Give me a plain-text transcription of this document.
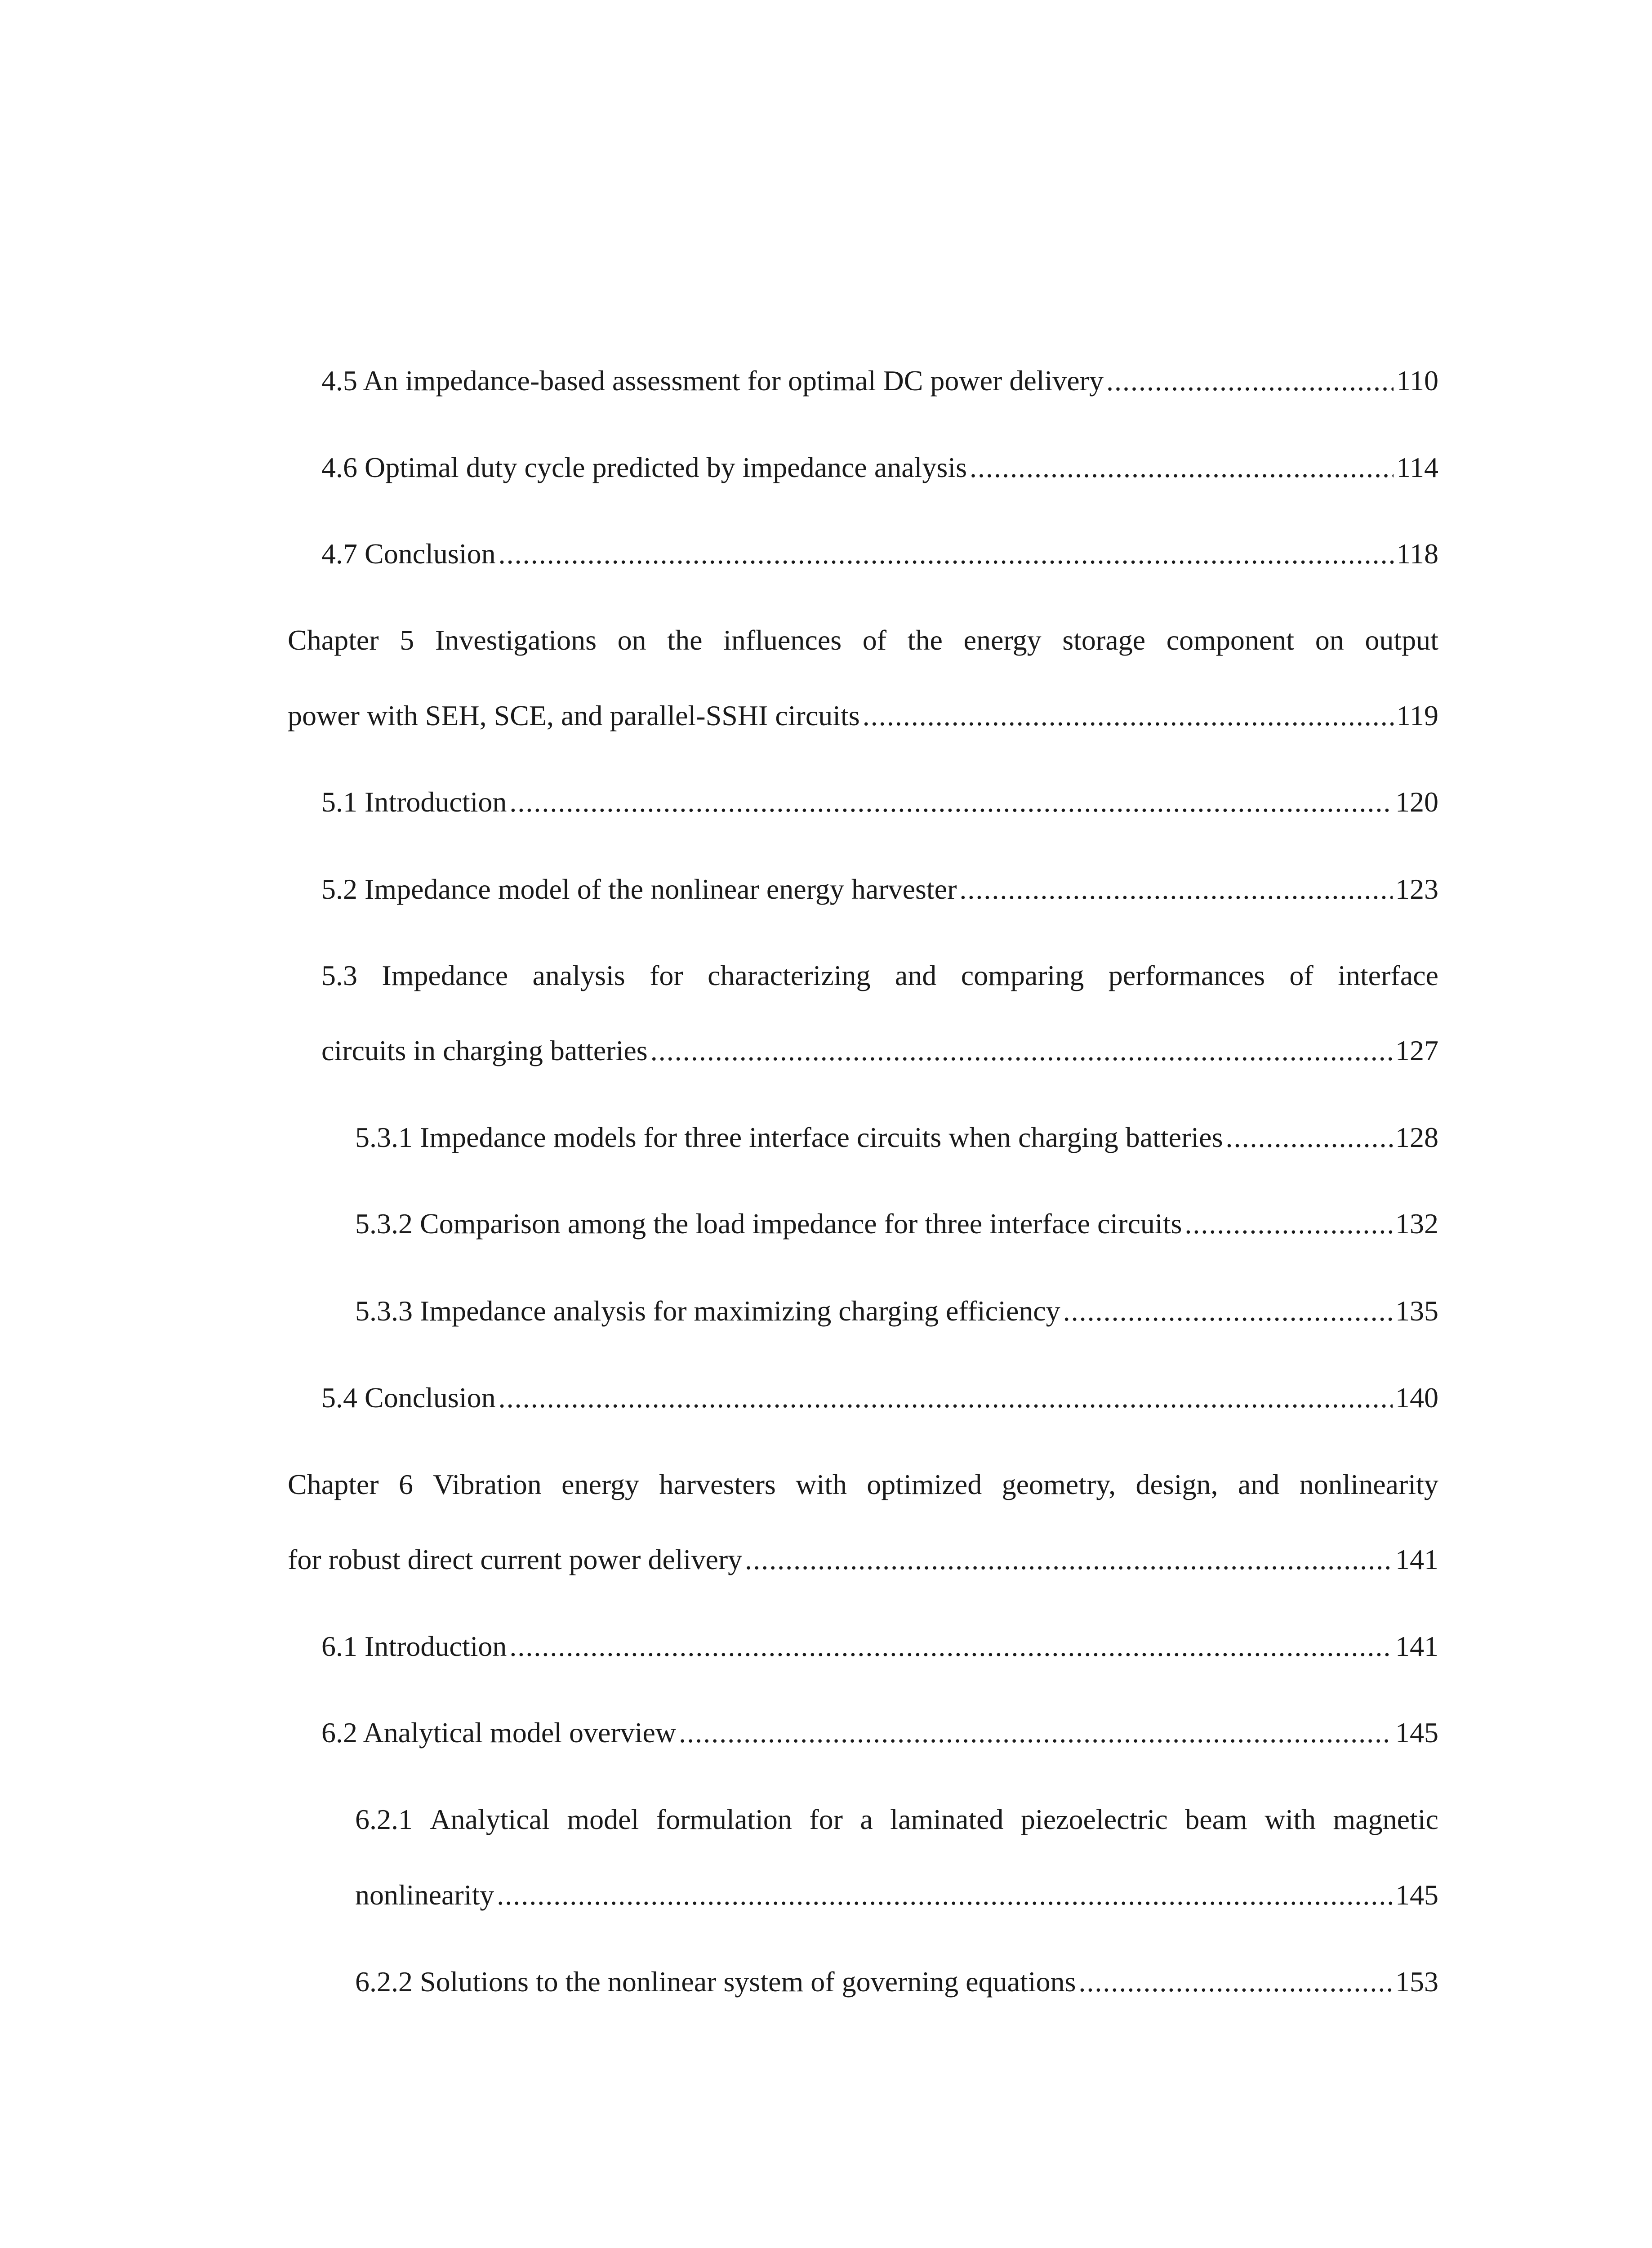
4.5 An impedance-based assessment for optimal DC power delivery .....	110
4.6 Optimal duty cycle predicted by impedance analysis .....	114
4.7 Conclusion .....	118
Chapter 5 Investigations on the influences of the energy storage component on output
power with SEH, SCE, and parallel-SSHI circuits .....	119
5.1 Introduction .....	120
5.2 Impedance model of the nonlinear energy harvester .....	123
5.3 Impedance analysis for characterizing and comparing performances of interface
circuits in charging batteries .....	127
5.3.1 Impedance models for three interface circuits when charging batteries .....	128
5.3.2 Comparison among the load impedance for three interface circuits .....	132
5.3.3 Impedance analysis for maximizing charging efficiency .....	135
5.4 Conclusion .....	140
Chapter 6 Vibration energy harvesters with optimized geometry, design, and nonlinearity
for robust direct current power delivery .....	141
6.1 Introduction .....	141
6.2 Analytical model overview .....	145
6.2.1 Analytical model formulation for a laminated piezoelectric beam with magnetic
nonlinearity .....	145
6.2.2 Solutions to the nonlinear system of governing equations .....	153
